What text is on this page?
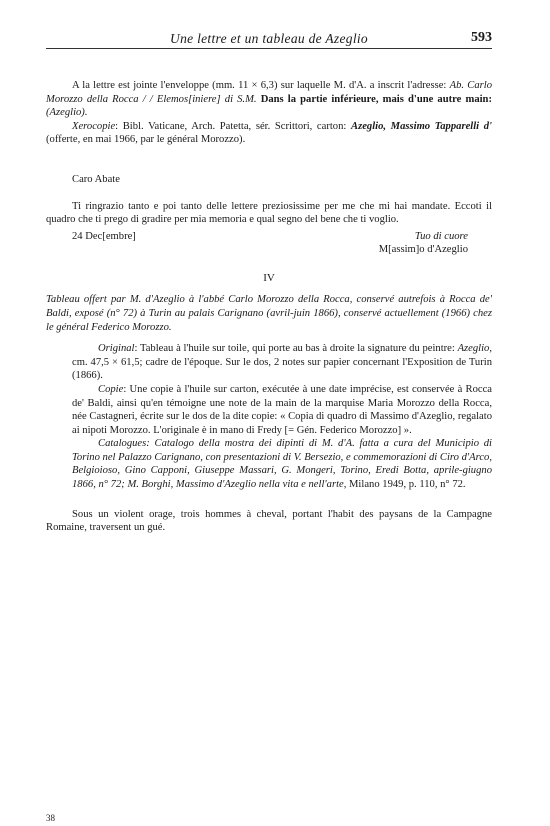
Une lettre et un tableau de Azeglio	593

A la lettre est jointe l'enveloppe (mm. 11 × 6,3) sur laquelle M. d'A. a inscrit l'adresse: Ab. Carlo Morozzo della Rocca / / Elemos[iniere] di S.M. Dans la partie inférieure, mais d'une autre main: (Azeglio).

Xerocopie: Bibl. Vaticane, Arch. Patetta, sér. Scrittori, carton: Azeglio, Massimo Tapparelli d' (offerte, en mai 1966, par le général Morozzo).

Caro Abate

Ti ringrazio tanto e poi tanto delle lettere preziosissime per me che mi hai mandate. Eccoti il quadro che ti prego di gradire per mia memoria e qual segno del bene che ti voglio.

24 Dec[embre]	Tuo di cuore
M[assim]o d'Azeglio
IV

Tableau offert par M. d'Azeglio à l'abbé Carlo Morozzo della Rocca, conservé autrefois à Rocca de' Baldi, exposé (n° 72) à Turin au palais Carignano (avril-juin 1866), conservé actuellement (1966) chez le général Federico Morozzo.

Original: Tableau à l'huile sur toile, qui porte au bas à droite la signature du peintre: Azeglio, cm. 47,5 × 61,5; cadre de l'époque. Sur le dos, 2 notes sur papier concernant l'Exposition de Turin (1866).

Copie: Une copie à l'huile sur carton, exécutée à une date imprécise, est conservée à Rocca de' Baldi, ainsi qu'en témoigne une note de la main de la marquise Maria Morozzo della Rocca, née Castagneri, écrite sur le dos de la dite copie: « Copia di quadro di Massimo d'Azeglio, regalato ai nipoti Morozzo. L'originale è in mano di Fredy [= Gén. Federico Morozzo] ».

Catalogues: Catalogo della mostra dei dipinti di M. d'A. fatta a cura del Municipio di Torino nel Palazzo Carignano, con presentazioni di V. Bersezio, e commemorazioni di Ciro d'Arco, Belgioioso, Gino Capponi, Giuseppe Massari, G. Mongeri, Torino, Eredi Botta, aprile-giugno 1866, n° 72; M. Borghi, Massimo d'Azeglio nella vita e nell'arte, Milano 1949, p. 110, n° 72.

Sous un violent orage, trois hommes à cheval, portant l'habit des paysans de la Campagne Romaine, traversent un gué.

38
